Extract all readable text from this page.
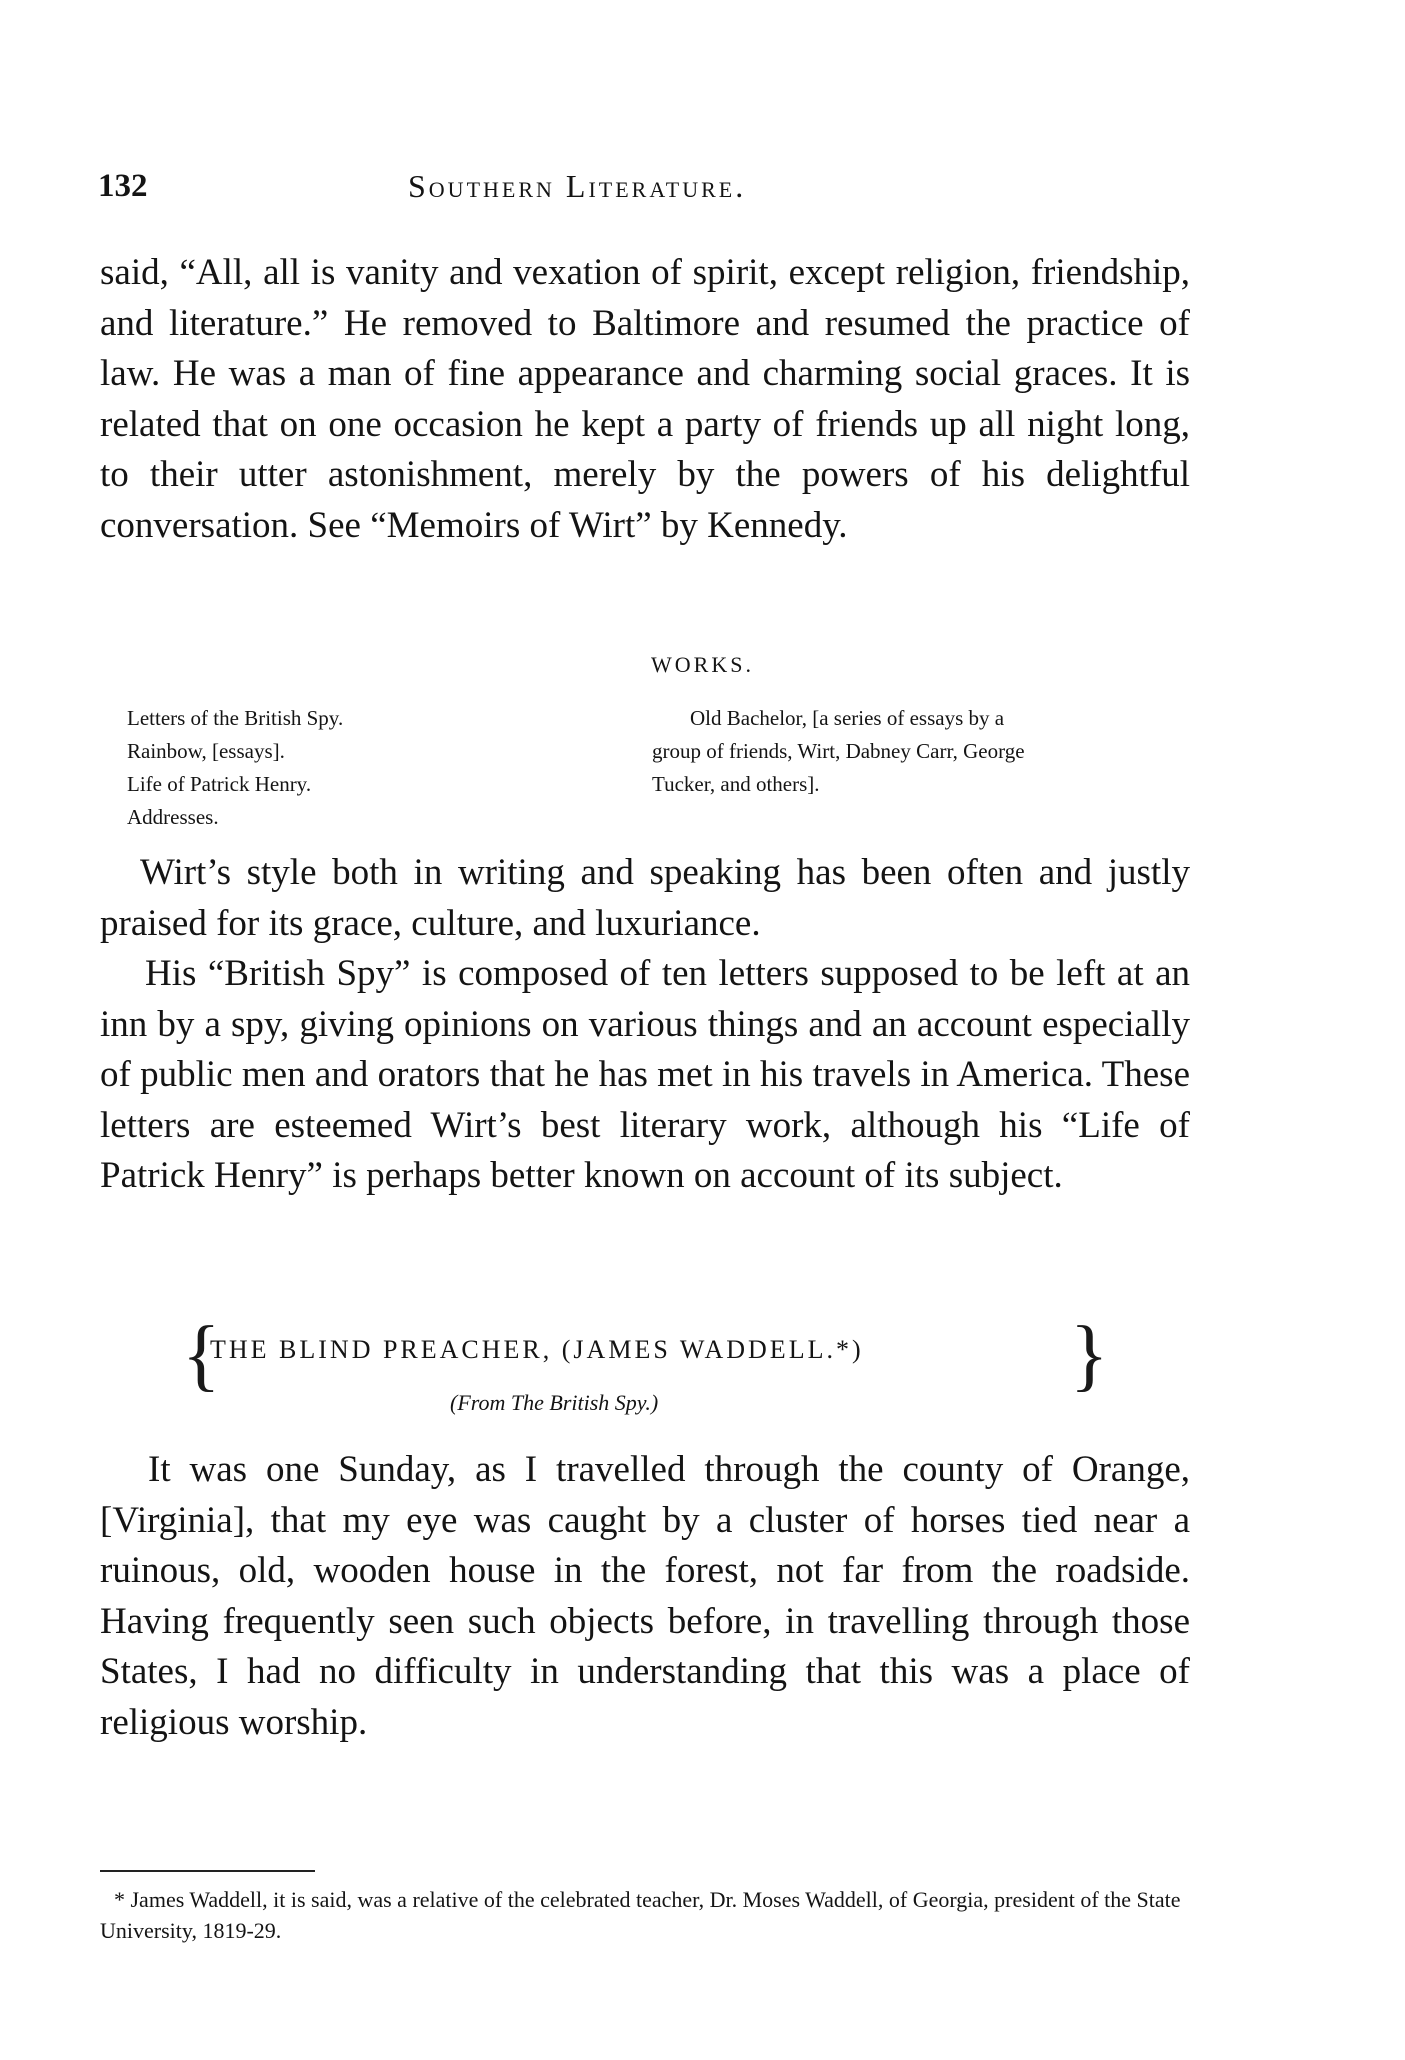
132	Southern Literature.

said, “All, all is vanity and vexation of spirit, except religion, friendship, and literature.” He removed to Baltimore and resumed the practice of law. He was a man of fine appearance and charming social graces. It is related that on one occasion he kept a party of friends up all night long, to their utter astonishment, merely by the powers of his delightful conversation. See “Memoirs of Wirt” by Kennedy.

WORKS.

Letters of the British Spy.
Rainbow, [essays].
Life of Patrick Henry.
Addresses.
Old Bachelor, [a series of essays by a
group of friends, Wirt, Dabney Carr, George
Tucker, and others].

Wirt’s style both in writing and speaking has been often and justly praised for its grace, culture, and luxuriance.

His “British Spy” is composed of ten letters supposed to be left at an inn by a spy, giving opinions on various things and an account especially of public men and orators that he has met in his travels in America. These letters are esteemed Wirt’s best literary work, although his “Life of Patrick Henry” is perhaps better known on account of its subject.

{
THE BLIND PREACHER, (JAMES WADDELL.*)	}

(From The British Spy.)

It was one Sunday, as I travelled through the county of Orange, [Virginia], that my eye was caught by a cluster of horses tied near a ruinous, old, wooden house in the forest, not far from the roadside. Having frequently seen such objects before, in travelling through those States, I had no difficulty in understanding that this was a place of religious worship.

* James Waddell, it is said, was a relative of the celebrated teacher, Dr. Moses Waddell, of Georgia, president of the State University, 1819-29.
